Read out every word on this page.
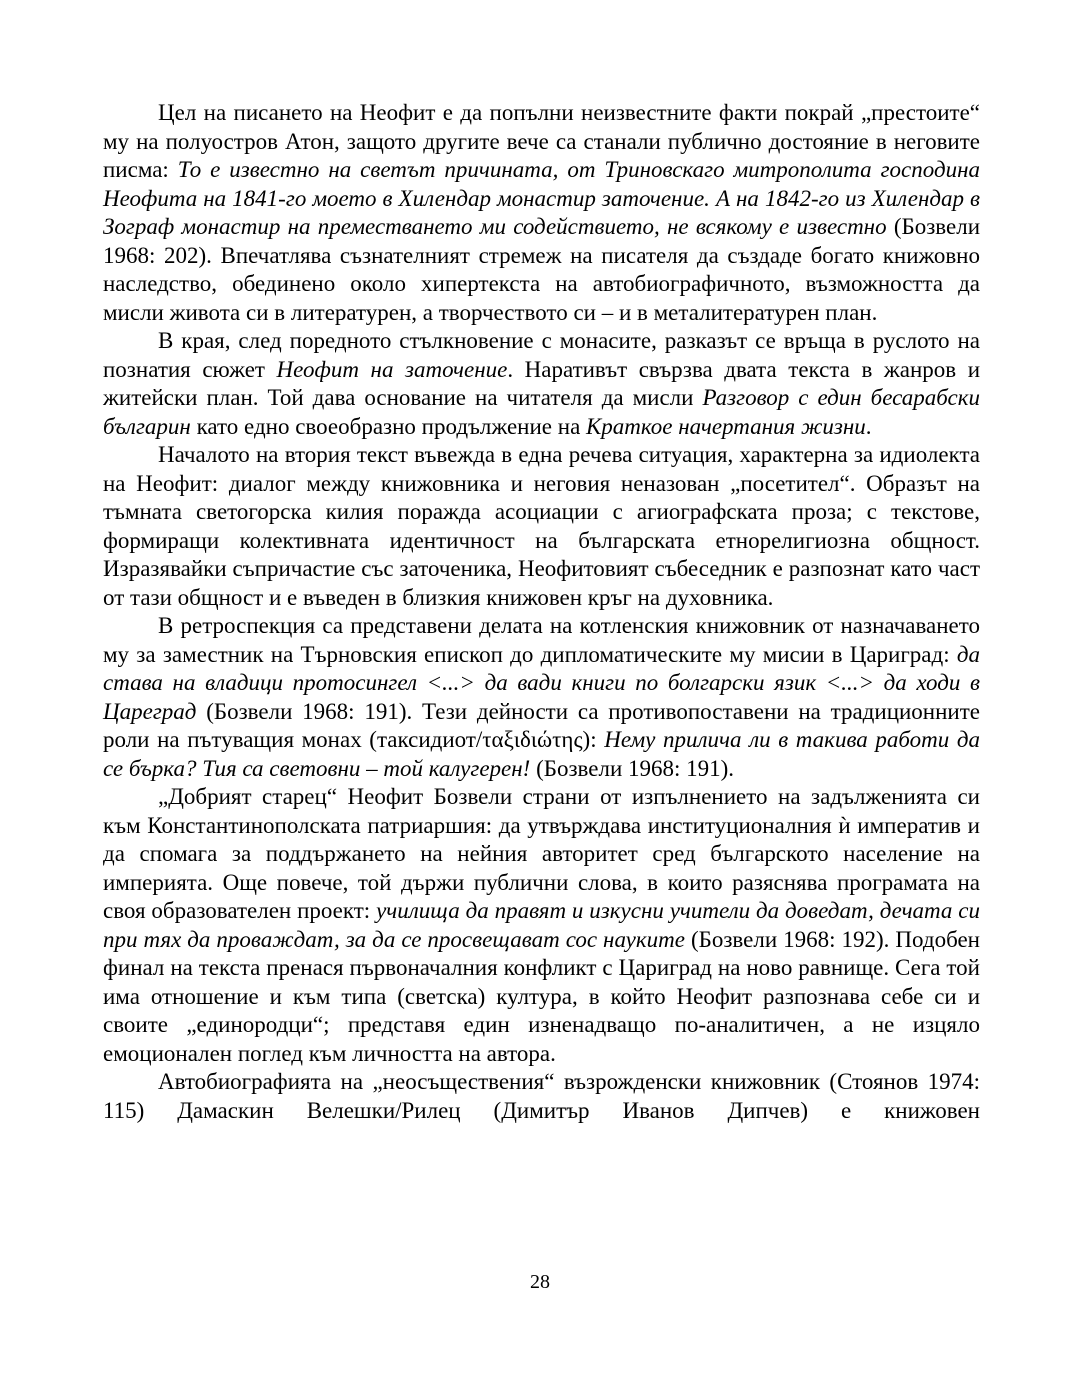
Цел на писането на Неофит е да попълни неизвестните факти покрай „престоите“ му на полуостров Атон, защото другите вече са станали публично достояние в неговите писма: То е известно на светът причината, от Триновскаго митрополита господина Неофита на 1841-го моето в Хилендар монастир заточение. А на 1842-го из Хилендар в Зограф монастир на преместването ми содействието, не всякому е известно (Бозвели 1968: 202). Впечатлява съзнателният стремеж на писателя да създаде богато книжовно наследство, обединено около хипертекста на автобиографичното, възможността да мисли живота си в литературен, а творчеството си – и в металитературен план.

В края, след поредното стълкновение с монасите, разказът се връща в руслото на познатия сюжет Неофит на заточение. Наративът свързва двата текста в жанров и житейски план. Той дава основание на читателя да мисли Разговор с един бесарабски българин като едно своеобразно продължение на Краткое начертания жизни.

Началото на втория текст въвежда в една речева ситуация, характерна за идиолекта на Неофит: диалог между книжовника и неговия неназован „посетител“. Образът на тъмната светогорска килия поражда асоциации с агиографската проза; с текстове, формиращи колективната идентичност на българската етнорелигиозна общност. Изразявайки съпричастие със заточеника, Неофитовият събеседник е разпознат като част от тази общност и е въведен в близкия книжовен кръг на духовника.

В ретроспекция са представени делата на котленския книжовник от назначаването му за заместник на Търновския епископ до дипломатическите му мисии в Цариград: да става на владици протосингел <...> да вади книги по болгарски язик <...> да ходи в Цареград (Бозвели 1968: 191). Тези дейности са противопоставени на традиционните роли на пътуващия монах (таксидиот/ταξιδιώτης): Нему прилича ли в такива работи да се бърка? Тия са световни – той калугерен! (Бозвели 1968: 191).

„Добрият старец“ Неофит Бозвели страни от изпълнението на задълженията си към Константинополската патриаршия: да утвърждава институционалния ѝ императив и да спомага за поддържането на нейния авторитет сред българското население на империята. Още повече, той държи публични слова, в които разяснява програмата на своя образователен проект: училища да правят и изкусни учители да доведат, дечата си при тях да проваждат, за да се просвещават сос науките (Бозвели 1968: 192). Подобен финал на текста пренася първоначалния конфликт с Цариград на ново равнище. Сега той има отношение и към типа (светска) култура, в който Неофит разпознава себе си и своите „единородци“; представя един изненадващо по-аналитичен, а не изцяло емоционален поглед към личността на автора.

Автобиографията на „неосъществения“ възрожденски книжовник (Стоянов 1974: 115) Дамаскин Велешки/Рилец (Димитър Иванов Дипчев) е книжовен

28
